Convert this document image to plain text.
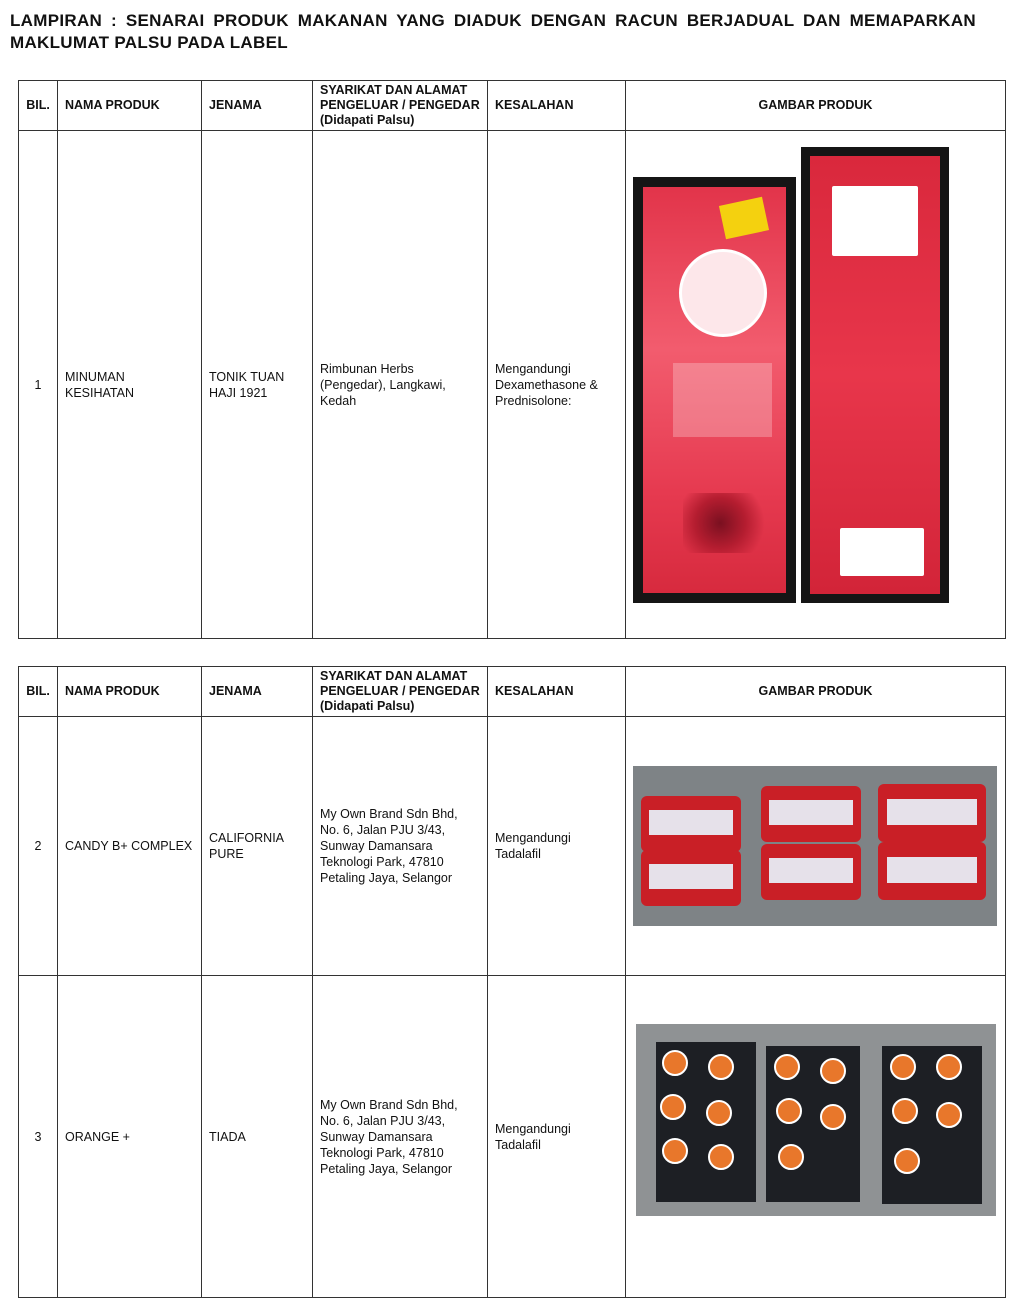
LAMPIRAN : SENARAI PRODUK MAKANAN YANG DIADUK DENGAN RACUN BERJADUAL DAN MEMAPARKAN MAKLUMAT PALSU PADA LABEL
BIL.	NAMA PRODUK	JENAMA	SYARIKAT DAN ALAMAT
PENGELUAR / PENGEDAR
(Didapati Palsu)	KESALAHAN	GAMBAR PRODUK
1	MINUMAN KESIHATAN	TONIK TUAN HAJI 1921	Rimbunan Herbs (Pengedar), Langkawi, Kedah	Mengandungi Dexamethasone & Prednisolone:	
BIL.	NAMA PRODUK	JENAMA	SYARIKAT DAN ALAMAT
PENGELUAR / PENGEDAR
(Didapati Palsu)	KESALAHAN	GAMBAR PRODUK
2	CANDY B+ COMPLEX	CALIFORNIA PURE	My Own Brand Sdn Bhd, No. 6, Jalan PJU 3/43, Sunway Damansara Teknologi Park, 47810 Petaling Jaya, Selangor	Mengandungi Tadalafil	

3	ORANGE +	TIADA	My Own Brand Sdn Bhd, No. 6, Jalan PJU 3/43, Sunway Damansara Teknologi Park, 47810 Petaling Jaya, Selangor	Mengandungi Tadalafil	
